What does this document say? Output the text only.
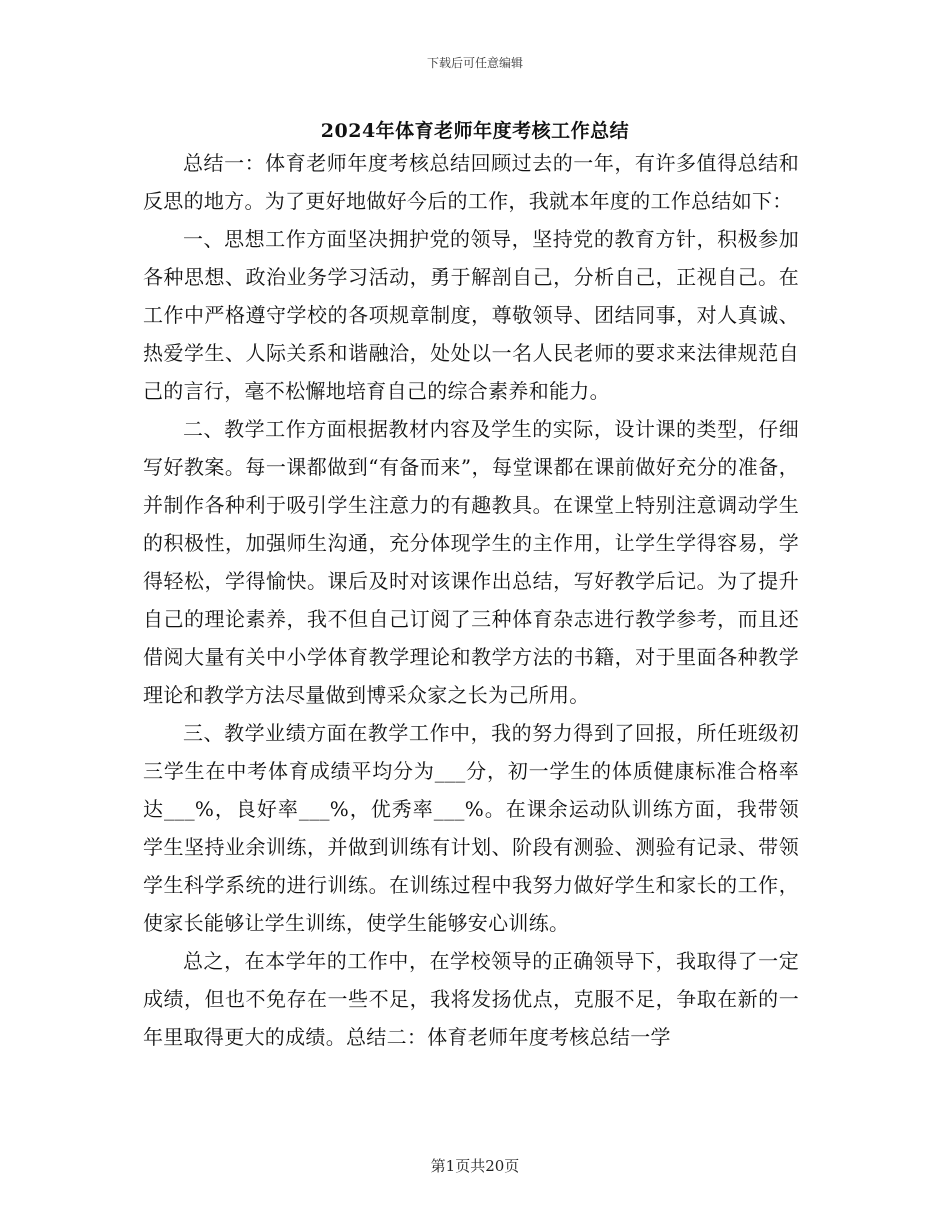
下载后可任意编辑
2024年体育老师年度考核工作总结

总结一：体育老师年度考核总结回顾过去的一年，有许多值得总结和反思的地方。为了更好地做好今后的工作，我就本年度的工作总结如下：

一、思想工作方面坚决拥护党的领导，坚持党的教育方针，积极参加各种思想、政治业务学习活动，勇于解剖自己，分析自己，正视自己。在工作中严格遵守学校的各项规章制度，尊敬领导、团结同事，对人真诚、热爱学生、人际关系和谐融洽，处处以一名人民老师的要求来法律规范自己的言行，毫不松懈地培育自己的综合素养和能力。

二、教学工作方面根据教材内容及学生的实际，设计课的类型，仔细写好教案。每一课都做到“有备而来”，每堂课都在课前做好充分的准备，并制作各种利于吸引学生注意力的有趣教具。在课堂上特别注意调动学生的积极性，加强师生沟通，充分体现学生的主作用，让学生学得容易，学得轻松，学得愉快。课后及时对该课作出总结，写好教学后记。为了提升自己的理论素养，我不但自己订阅了三种体育杂志进行教学参考，而且还借阅大量有关中小学体育教学理论和教学方法的书籍，对于里面各种教学理论和教学方法尽量做到博采众家之长为己所用。

三、教学业绩方面在教学工作中，我的努力得到了回报，所任班级初三学生在中考体育成绩平均分为___分，初一学生的体质健康标准合格率达___%，良好率___%，优秀率___%。在课余运动队训练方面，我带领学生坚持业余训练，并做到训练有计划、阶段有测验、测验有记录、带领学生科学系统的进行训练。在训练过程中我努力做好学生和家长的工作，使家长能够让学生训练，使学生能够安心训练。

总之，在本学年的工作中，在学校领导的正确领导下，我取得了一定成绩，但也不免存在一些不足，我将发扬优点，克服不足，争取在新的一年里取得更大的成绩。总结二：体育老师年度考核总结一学

第1页共20页
